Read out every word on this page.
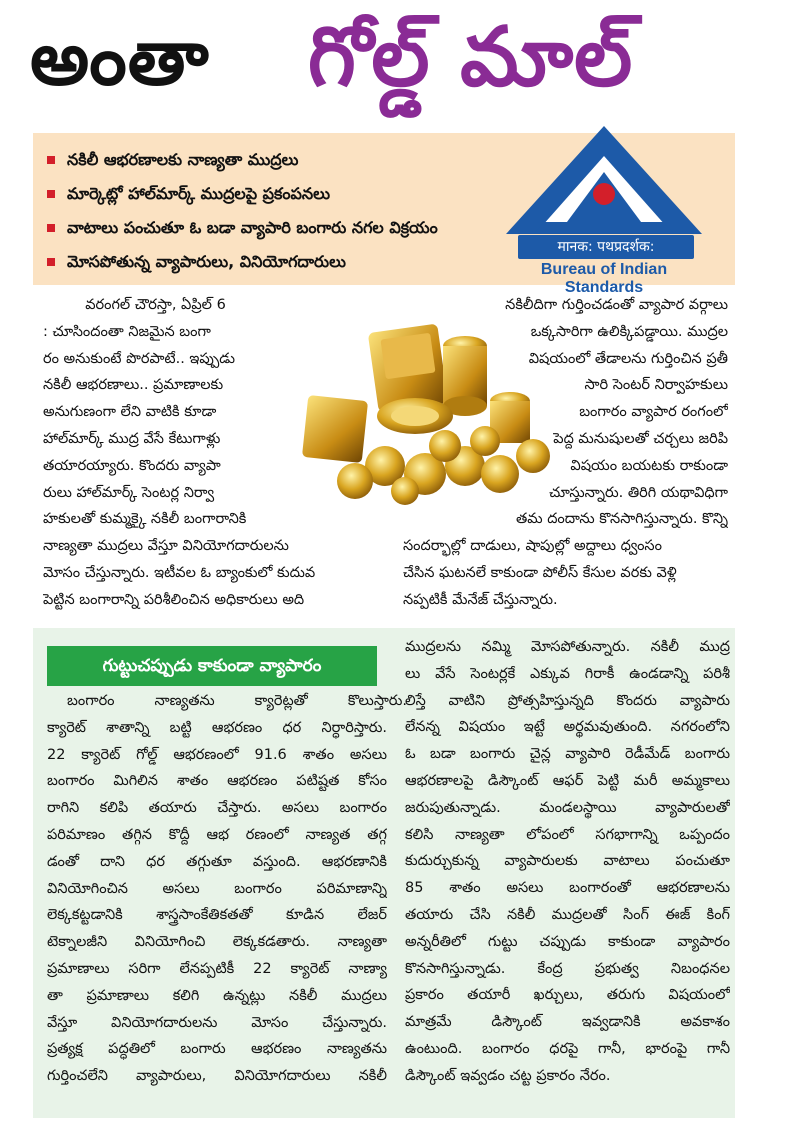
అంతా గోల్డ్ మాల్
నకిలీ ఆభరణాలకు నాణ్యతా ముద్రలు
మార్కెట్లో హాల్‌మార్క్ ముద్రలపై ప్రకంపనలు
వాటాలు పంచుతూ ఓ బడా వ్యాపారి బంగారు నగల విక్రయం
మోసపోతున్న వ్యాపారులు, వినియోగదారులు
मानक: पथप्रदर्शक:
Bureau of Indian Standards
వరంగల్ చౌరస్తా, ఏప్రిల్ 6
: చూసిందంతా నిజమైన బంగా
రం అనుకుంటే పొరపాటే.. ఇప్పుడు
నకిలీ ఆభరణాలు.. ప్రమాణాలకు
అనుగుణంగా లేని వాటికి కూడా
హాల్‌మార్క్ ముద్ర వేసే కేటుగాళ్లు
తయారయ్యారు. కొందరు వ్యాపా
రులు హాల్‌మార్క్ సెంటర్ల నిర్వా
హకులతో కుమ్మక్కై నకిలీ బంగారానికి
నాణ్యతా ముద్రలు వేస్తూ వినియోగదారులను
మోసం చేస్తున్నారు. ఇటీవల ఓ బ్యాంకులో కుదువ
పెట్టిన బంగారాన్ని పరిశీలించిన అధికారులు అది
నకిలీదిగా గుర్తించడంతో వ్యాపార వర్గాలు
ఒక్కసారిగా ఉలిక్కిపడ్డాయి. ముద్రల
విషయంలో తేడాలను గుర్తించిన ప్రతీ
సారి సెంటర్ నిర్వాహకులు
బంగారం వ్యాపార రంగంలో
పెద్ద మనుషులతో చర్చలు జరిపి
విషయం బయటకు రాకుండా
చూస్తున్నారు. తిరిగి యథావిధిగా
తమ దందాను కొనసాగిస్తున్నారు. కొన్ని
సందర్భాల్లో దాడులు, షాపుల్లో అద్దాలు ధ్వంసం
చేసిన ఘటనలే కాకుండా పోలీస్ కేసుల వరకు వెళ్లి
నప్పటికీ మేనేజ్ చేస్తున్నారు.
గుట్టుచప్పుడు కాకుండా వ్యాపారం
బంగారం నాణ్యతను క్యారెట్లతో కొలుస్తారు.
క్యారెట్ శాతాన్ని బట్టి ఆభరణం ధర నిర్ధారిస్తారు.
22 క్యారెట్ గోల్డ్ ఆభరణంలో 91.6 శాతం అసలు
బంగారం మిగిలిన శాతం ఆభరణం పటిష్టత కోసం
రాగిని కలిపి తయారు చేస్తారు. అసలు బంగారం
పరిమాణం తగ్గిన కొద్దీ ఆభ రణంలో నాణ్యత తగ్గ
డంతో దాని ధర తగ్గుతూ వస్తుంది. ఆభరణానికి
వినియోగించిన అసలు బంగారం పరిమాణాన్ని
లెక్కకట్టడానికి శాస్త్రసాంకేతికతతో కూడిన లేజర్
టెక్నాలజీని వినియోగించి లెక్కకడతారు. నాణ్యతా
ప్రమాణాలు సరిగా లేనప్పటికీ 22 క్యారెట్ నాణ్యా
తా ప్రమాణాలు కలిగి ఉన్నట్లు నకిలీ ముద్రలు
వేస్తూ వినియోగదారులను మోసం చేస్తున్నారు.
ప్రత్యక్ష పద్ధతిలో బంగారు ఆభరణం నాణ్యతను
గుర్తించలేని వ్యాపారులు, వినియోగదారులు నకిలీ
ముద్రలను నమ్మి మోసపోతున్నారు. నకిలీ ముద్ర
లు వేసే సెంటర్లకే ఎక్కువ గిరాకీ ఉండడాన్ని పరిశీ
లిస్తే వాటిని ప్రోత్సహిస్తున్నది కొందరు వ్యాపారు
లేనన్న విషయం ఇట్టే అర్థమవుతుంది. నగరంలోని
ఓ బడా బంగారు చైన్ల వ్యాపారి రెడీమేడ్ బంగారు
ఆభరణాలపై డిస్కౌంట్ ఆఫర్ పెట్టి మరీ అమ్మకాలు
జరుపుతున్నాడు. మండలస్థాయి వ్యాపారులతో
కలిసి నాణ్యతా లోపంలో సగభాగాన్ని ఒప్పందం
కుదుర్చుకున్న వ్యాపారులకు వాటాలు పంచుతూ
85 శాతం అసలు బంగారంతో ఆభరణాలను
తయారు చేసి నకిలీ ముద్రలతో సింగ్ ఈజ్ కింగ్
అన్నరీతిలో గుట్టు చప్పుడు కాకుండా వ్యాపారం
కొనసాగిస్తున్నాడు. కేంద్ర ప్రభుత్వ నిబంధనల
ప్రకారం తయారీ ఖర్చులు, తరుగు విషయంలో
మాత్రమే డిస్కౌంట్ ఇవ్వడానికి అవకాశం
ఉంటుంది. బంగారం ధరపై గానీ, భారంపై గానీ
డిస్కౌంట్ ఇవ్వడం చట్ట ప్రకారం నేరం.
